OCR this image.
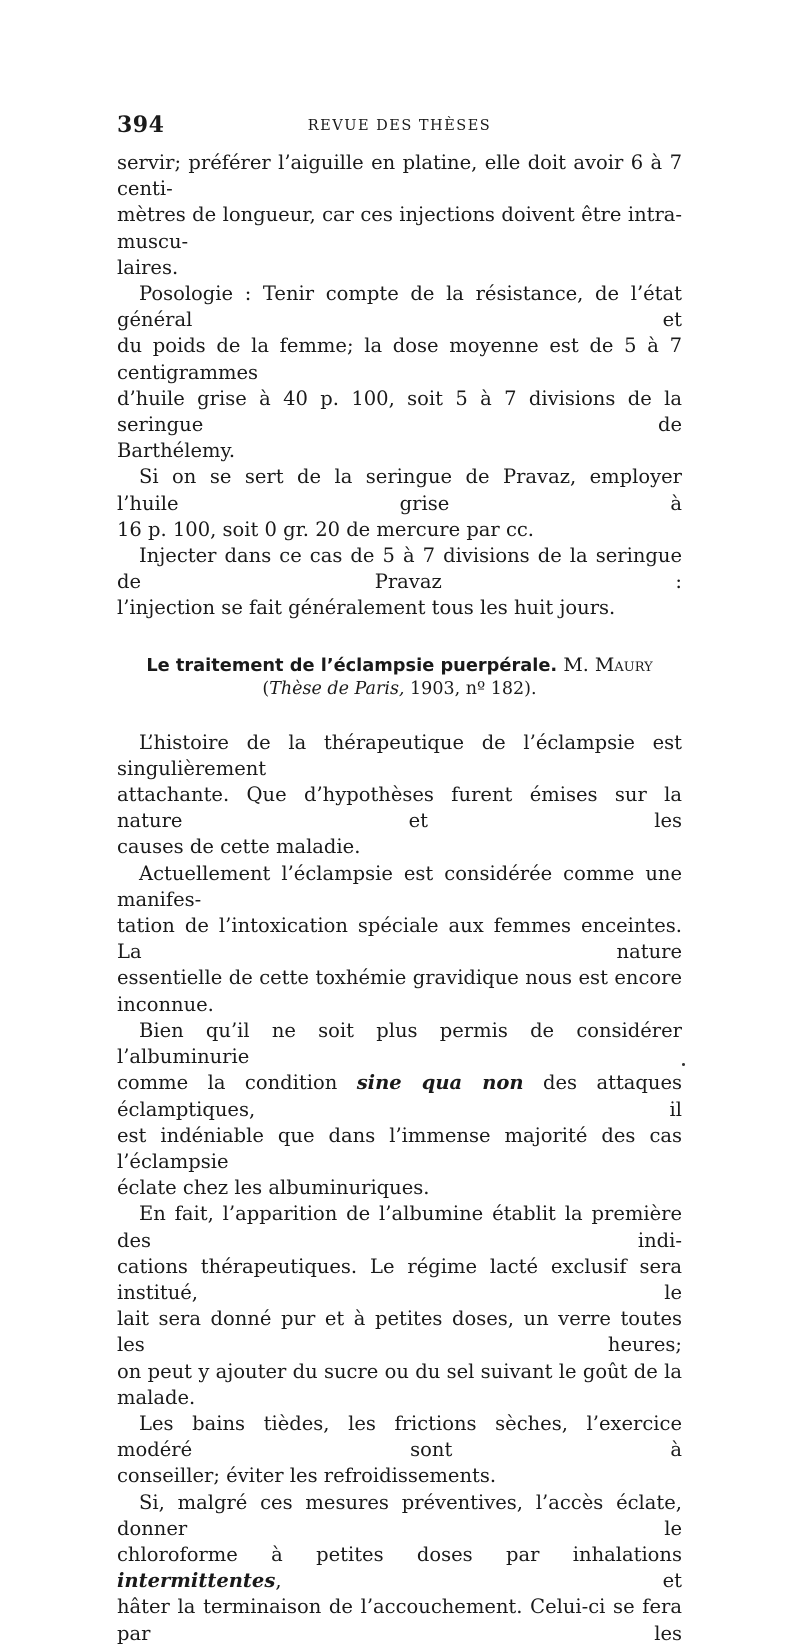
394	REVUE DES THÈSES

servir; préférer l’aiguille en platine, elle doit avoir 6 à 7 centi-
mètres de longueur, car ces injections doivent être intra-muscu-
laires.

Posologie : Tenir compte de la résistance, de l’état général et
du poids de la femme; la dose moyenne est de 5 à 7 centigrammes
d’huile grise à 40 p. 100, soit 5 à 7 divisions de la seringue de
Barthélemy.

Si on se sert de la seringue de Pravaz, employer l’huile grise à
16 p. 100, soit 0 gr. 20 de mercure par cc.

Injecter dans ce cas de 5 à 7 divisions de la seringue de Pravaz :
l’injection se fait généralement tous les huit jours.

Le traitement de l’éclampsie puerpérale. M. Maury
(Thèse de Paris, 1903, nº 182).

L’histoire de la thérapeutique de l’éclampsie est singulièrement
attachante. Que d’hypothèses furent émises sur la nature et les
causes de cette maladie.

Actuellement l’éclampsie est considérée comme une manifes-
tation de l’intoxication spéciale aux femmes enceintes. La nature
essentielle de cette toxhémie gravidique nous est encore
inconnue.

Bien qu’il ne soit plus permis de considérer l’albuminurie
comme la condition sine qua non des attaques éclamptiques, il
est indéniable que dans l’immense majorité des cas l’éclampsie
éclate chez les albuminuriques.

En fait, l’apparition de l’albumine établit la première des indi-
cations thérapeutiques. Le régime lacté exclusif sera institué, le
lait sera donné pur et à petites doses, un verre toutes les heures;
on peut y ajouter du sucre ou du sel suivant le goût de la malade.

Les bains tièdes, les frictions sèches, l’exercice modéré sont à
conseiller; éviter les refroidissements.

Si, malgré ces mesures préventives, l’accès éclate, donner le
chloroforme à petites doses par inhalations intermittentes, et
hâter la terminaison de l’accouchement. Celui-ci se fera par les
